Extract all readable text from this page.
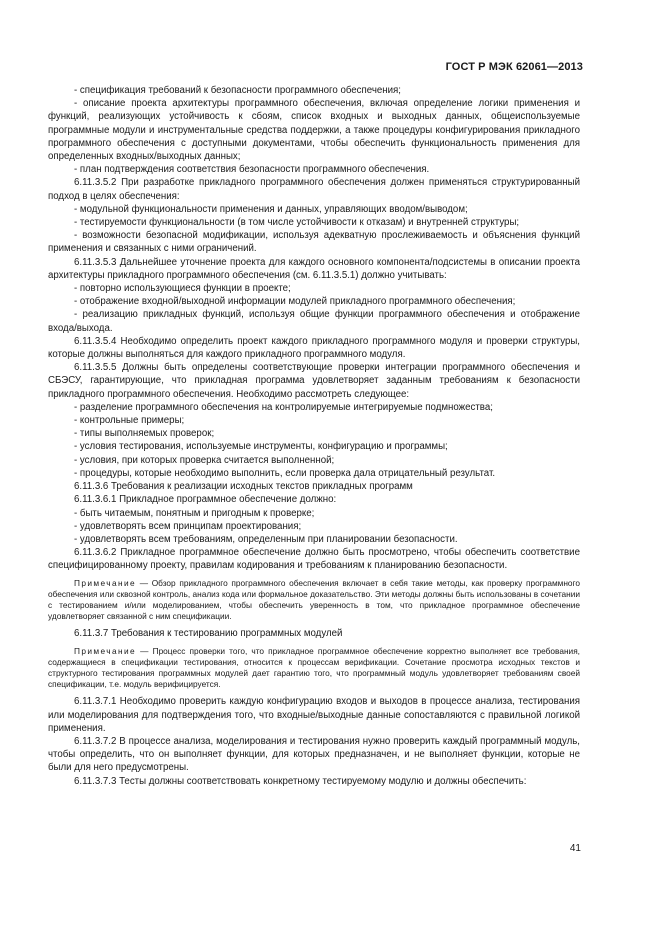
ГОСТ Р МЭК 62061—2013

- спецификация требований к безопасности программного обеспечения;

- описание проекта архитектуры программного обеспечения, включая определение логики применения и функций, реализующих устойчивость к сбоям, список входных и выходных данных, общеиспользуемые программные модули и инструментальные средства поддержки, а также процедуры конфигурирования прикладного программного обеспечения с доступными документами, чтобы обеспечить функциональность применения для определенных входных/выходных данных;

- план подтверждения соответствия безопасности программного обеспечения.

6.11.3.5.2 При разработке прикладного программного обеспечения должен применяться структурированный подход в целях обеспечения:

- модульной функциональности применения и данных, управляющих вводом/выводом;

- тестируемости функциональности (в том числе устойчивости к отказам) и внутренней структуры;

- возможности безопасной модификации, используя адекватную прослеживаемость и объяснения функций применения и связанных с ними ограничений.

6.11.3.5.3 Дальнейшее уточнение проекта для каждого основного компонента/подсистемы в описании проекта архитектуры прикладного программного обеспечения (см. 6.11.3.5.1) должно учитывать:

- повторно использующиеся функции в проекте;

- отображение входной/выходной информации модулей прикладного программного обеспечения;

- реализацию прикладных функций, используя общие функции программного обеспечения и отображение входа/выхода.

6.11.3.5.4 Необходимо определить проект каждого прикладного программного модуля и проверки структуры, которые должны выполняться для каждого прикладного программного модуля.

6.11.3.5.5 Должны быть определены соответствующие проверки интеграции программного обеспечения и СБЭСУ, гарантирующие, что прикладная программа удовлетворяет заданным требованиям к безопасности прикладного программного обеспечения. Необходимо рассмотреть следующее:

- разделение программного обеспечения на контролируемые интегрируемые подмножества;

- контрольные примеры;

- типы выполняемых проверок;

- условия тестирования, используемые инструменты, конфигурацию и программы;

- условия, при которых проверка считается выполненной;

- процедуры, которые необходимо выполнить, если проверка дала отрицательный результат.

6.11.3.6 Требования к реализации исходных текстов прикладных программ

6.11.3.6.1 Прикладное программное обеспечение должно:

- быть читаемым, понятным и пригодным к проверке;

- удовлетворять всем принципам проектирования;

- удовлетворять всем требованиям, определенным при планировании безопасности.

6.11.3.6.2 Прикладное программное обеспечение должно быть просмотрено, чтобы обеспечить соответствие специфицированному проекту, правилам кодирования и требованиям к планированию безопасности.

Примечание — Обзор прикладного программного обеспечения включает в себя такие методы, как проверку программного обеспечения или сквозной контроль, анализ кода или формальное доказательство. Эти методы должны быть использованы в сочетании с тестированием и/или моделированием, чтобы обеспечить уверенность в том, что прикладное программное обеспечение удовлетворяет связанной с ним спецификации.

6.11.3.7 Требования к тестированию программных модулей

Примечание — Процесс проверки того, что прикладное программное обеспечение корректно выполняет все требования, содержащиеся в спецификации тестирования, относится к процессам верификации. Сочетание просмотра исходных текстов и структурного тестирования программных модулей дает гарантию того, что программный модуль удовлетворяет требованиям своей спецификации, т.е. модуль верифицируется.

6.11.3.7.1 Необходимо проверить каждую конфигурацию входов и выходов в процессе анализа, тестирования или моделирования для подтверждения того, что входные/выходные данные сопоставляются с правильной логикой применения.

6.11.3.7.2 В процессе анализа, моделирования и тестирования нужно проверить каждый программный модуль, чтобы определить, что он выполняет функции, для которых предназначен, и не выполняет функции, которые не были для него предусмотрены.

6.11.3.7.3 Тесты должны соответствовать конкретному тестируемому модулю и должны обеспечить:

41
